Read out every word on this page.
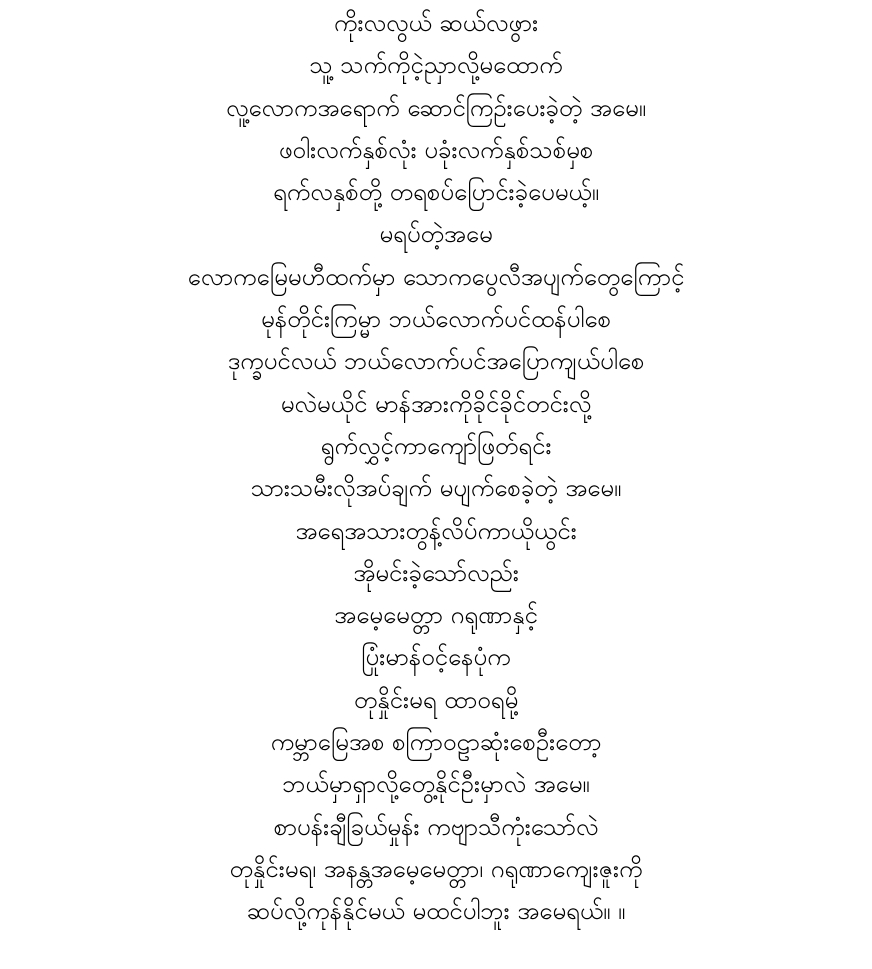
ကိုးလလွယ် ဆယ်လဖွား
သူ့ သက်ကိုငဲ့ညှာလို့မထောက်
လူ့လောကအရောက် ဆောင်ကြဉ်းပေးခဲ့တဲ့ အမေ။
ဖဝါးလက်နှစ်လုံး ပခုံးလက်နှစ်သစ်မှစ
ရက်လနှစ်တို့ တရစပ်ပြောင်းခဲ့ပေမယ့်။
မရပ်တဲ့အမေ
လောကမြေမဟီထက်မှာ သောကပွေလီအပျက်တွေကြောင့်
မုန်တိုင်းကြမ္မာ ဘယ်လောက်ပင်ထန်ပါစေ
ဒုက္ခပင်လယ် ဘယ်လောက်ပင်အပြောကျယ်ပါစေ
မလဲမယိုင် မာန်အားကိုခိုင်ခိုင်တင်းလို့
ရွက်လွှင့်ကာကျော်ဖြတ်ရင်း
သားသမီးလိုအပ်ချက် မပျက်စေခဲ့တဲ့ အမေ။
အရေအသားတွန့်လိပ်ကာယိုယွင်း
အိုမင်းခဲ့သော်လည်း
အမေ့မေတ္တာ ဂရုဏာနှင့်
ပြုံးမာန်ဝင့်နေပုံက
တုနှိုင်းမရ ထာဝရမို့
ကမ္ဘာမြေအစ စကြာဝဠာဆုံးစေဦးတော့
ဘယ်မှာရှာလို့တွေ့နိုင်ဦးမှာလဲ အမေ။
စာပန်းချီခြယ်မှုန်း ကဗျာသီကုံးသော်လဲ
တုနှိုင်းမရ၊ အနန္တအမေ့မေတ္တာ၊ ဂရုဏာကျေးဇူးကို
ဆပ်လို့ကုန်နိုင်မယ် မထင်ပါဘူး အမေရယ်။ ။
